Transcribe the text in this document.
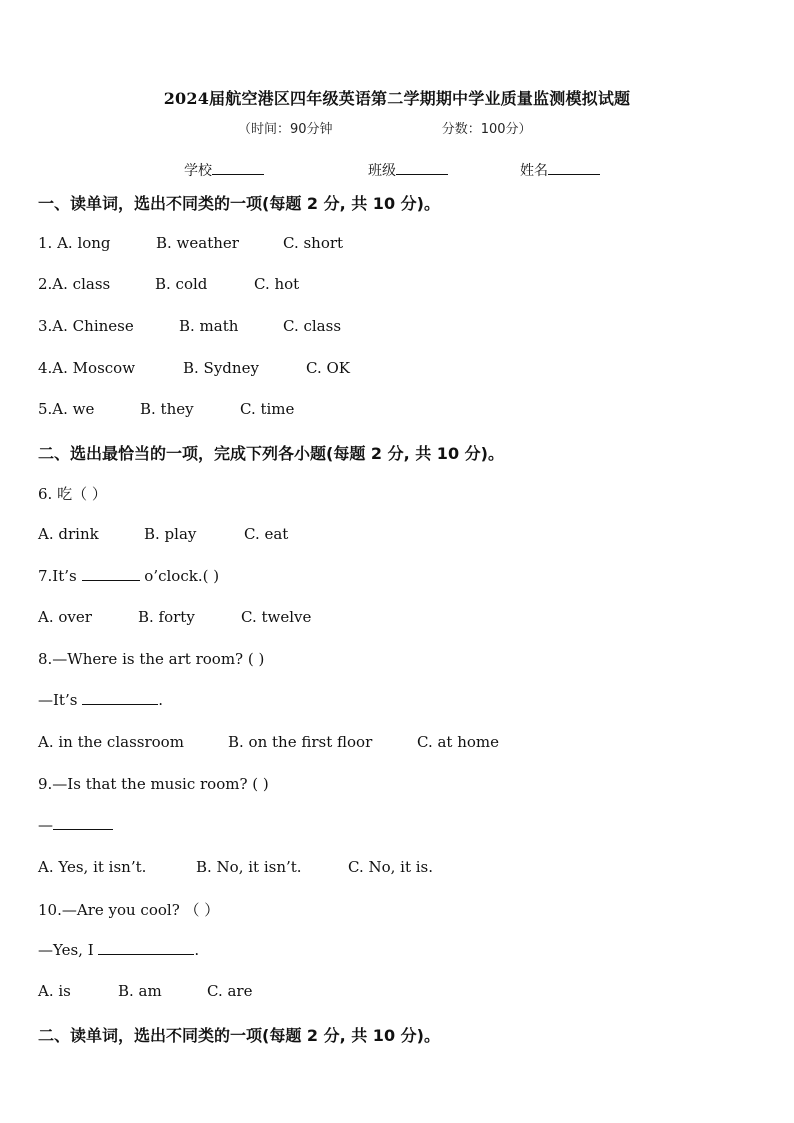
2024届航空港区四年级英语第二学期期中学业质量监测模拟试题
（时间：90分钟	分数：100分）
学校	班级	姓名
一、读单词，选出不同类的一项(每题 2 分, 共 10 分)。
1. A. long	B. weather	C. short
2.A. class	B. cold	C. hot
3.A. Chinese	B. math	C. class
4.A. Moscow	B. Sydney	C. OK
5.A. we	B. they	C. time
二、选出最恰当的一项，完成下列各小题(每题 2 分, 共 10 分)。
6. 吃（ ）
A. drink	B. play	C. eat
7.It’s	o’clock.( )
A. over	B. forty	C. twelve
8.—Where is the art room? ( )
—It’s	.
A. in the classroom	B. on the first floor	C. at home
9.—Is that the music room? ( )
—
A. Yes, it isn’t.	B. No, it isn’t.	C. No, it is.
10.—Are you cool? （ ）
—Yes, I	.
A. is	B. am	C. are
二、读单词，选出不同类的一项(每题 2 分, 共 10 分)。
